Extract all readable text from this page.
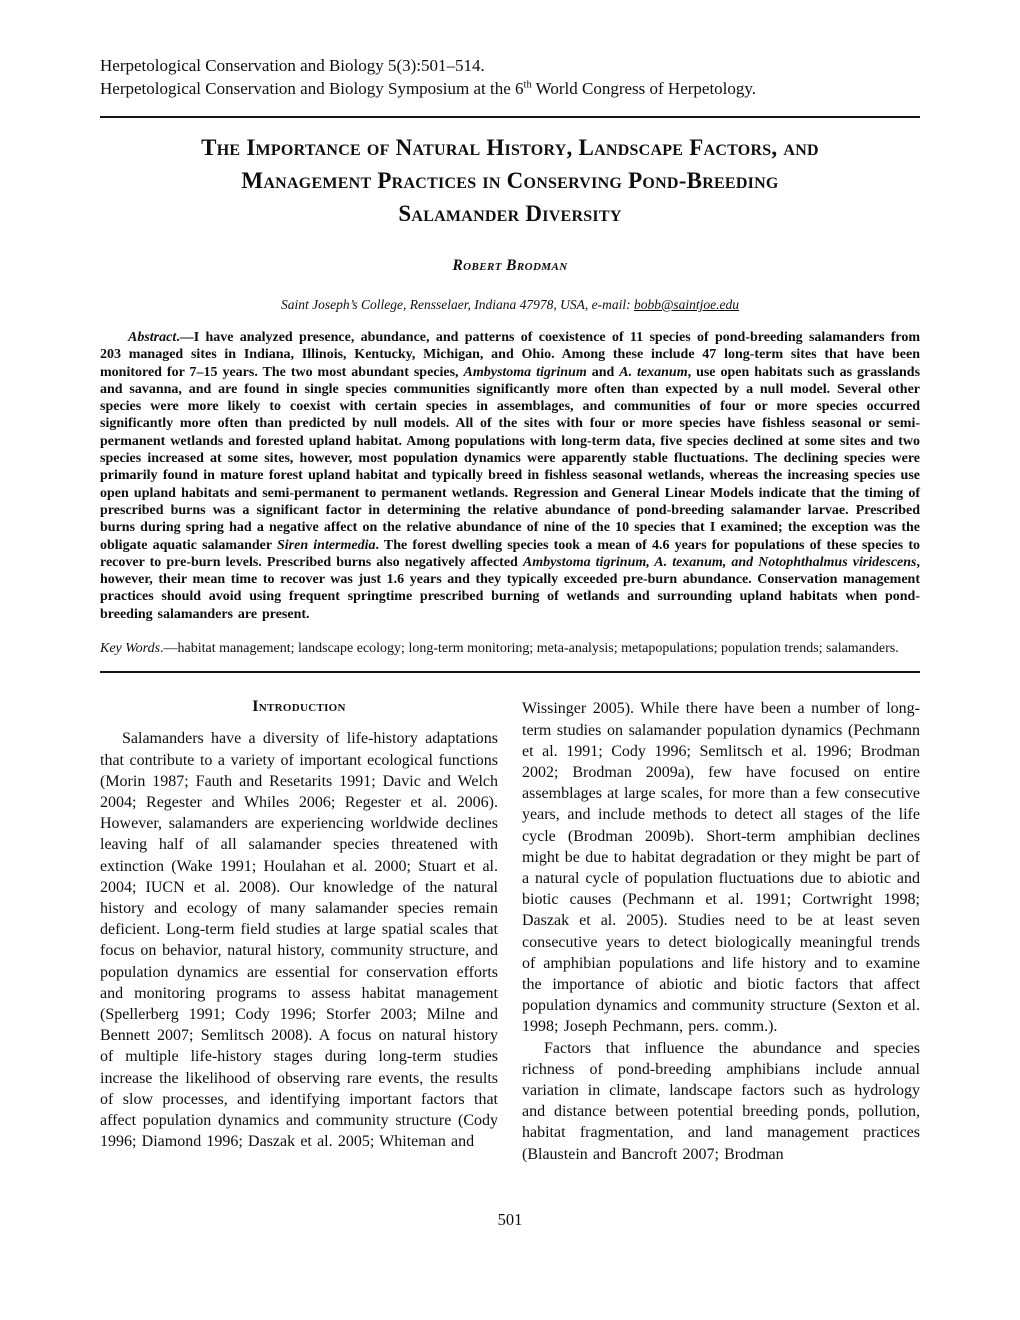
Herpetological Conservation and Biology 5(3):501–514.
Herpetological Conservation and Biology Symposium at the 6th World Congress of Herpetology.
The Importance of Natural History, Landscape Factors, and
Management Practices in Conserving Pond-Breeding
Salamander Diversity
Robert Brodman
Saint Joseph’s College, Rensselaer, Indiana 47978, USA, e-mail: bobb@saintjoe.edu

Abstract.—I have analyzed presence, abundance, and patterns of coexistence of 11 species of pond-breeding salamanders from 203 managed sites in Indiana, Illinois, Kentucky, Michigan, and Ohio. Among these include 47 long-term sites that have been monitored for 7–15 years. The two most abundant species, Ambystoma tigrinum and A. texanum, use open habitats such as grasslands and savanna, and are found in single species communities significantly more often than expected by a null model. Several other species were more likely to coexist with certain species in assemblages, and communities of four or more species occurred significantly more often than predicted by null models. All of the sites with four or more species have fishless seasonal or semi-permanent wetlands and forested upland habitat. Among populations with long-term data, five species declined at some sites and two species increased at some sites, however, most population dynamics were apparently stable fluctuations. The declining species were primarily found in mature forest upland habitat and typically breed in fishless seasonal wetlands, whereas the increasing species use open upland habitats and semi-permanent to permanent wetlands. Regression and General Linear Models indicate that the timing of prescribed burns was a significant factor in determining the relative abundance of pond-breeding salamander larvae. Prescribed burns during spring had a negative affect on the relative abundance of nine of the 10 species that I examined; the exception was the obligate aquatic salamander Siren intermedia. The forest dwelling species took a mean of 4.6 years for populations of these species to recover to pre-burn levels. Prescribed burns also negatively affected Ambystoma tigrinum, A. texanum, and Notophthalmus viridescens, however, their mean time to recover was just 1.6 years and they typically exceeded pre-burn abundance. Conservation management practices should avoid using frequent springtime prescribed burning of wetlands and surrounding upland habitats when pond-breeding salamanders are present.

Key Words.—habitat management; landscape ecology; long-term monitoring; meta-analysis; metapopulations; population trends; salamanders.

Introduction

Salamanders have a diversity of life-history adaptations that contribute to a variety of important ecological functions (Morin 1987; Fauth and Resetarits 1991; Davic and Welch 2004; Regester and Whiles 2006; Regester et al. 2006). However, salamanders are experiencing worldwide declines leaving half of all salamander species threatened with extinction (Wake 1991; Houlahan et al. 2000; Stuart et al. 2004; IUCN et al. 2008). Our knowledge of the natural history and ecology of many salamander species remain deficient. Long-term field studies at large spatial scales that focus on behavior, natural history, community structure, and population dynamics are essential for conservation efforts and monitoring programs to assess habitat management (Spellerberg 1991; Cody 1996; Storfer 2003; Milne and Bennett 2007; Semlitsch 2008). A focus on natural history of multiple life-history stages during long-term studies increase the likelihood of observing rare events, the results of slow processes, and identifying important factors that affect population dynamics and community structure (Cody 1996; Diamond 1996; Daszak et al. 2005; Whiteman and

Wissinger 2005). While there have been a number of long-term studies on salamander population dynamics (Pechmann et al. 1991; Cody 1996; Semlitsch et al. 1996; Brodman 2002; Brodman 2009a), few have focused on entire assemblages at large scales, for more than a few consecutive years, and include methods to detect all stages of the life cycle (Brodman 2009b). Short-term amphibian declines might be due to habitat degradation or they might be part of a natural cycle of population fluctuations due to abiotic and biotic causes (Pechmann et al. 1991; Cortwright 1998; Daszak et al. 2005). Studies need to be at least seven consecutive years to detect biologically meaningful trends of amphibian populations and life history and to examine the importance of abiotic and biotic factors that affect population dynamics and community structure (Sexton et al. 1998; Joseph Pechmann, pers. comm.).

Factors that influence the abundance and species richness of pond-breeding amphibians include annual variation in climate, landscape factors such as hydrology and distance between potential breeding ponds, pollution, habitat fragmentation, and land management practices (Blaustein and Bancroft 2007; Brodman

501
